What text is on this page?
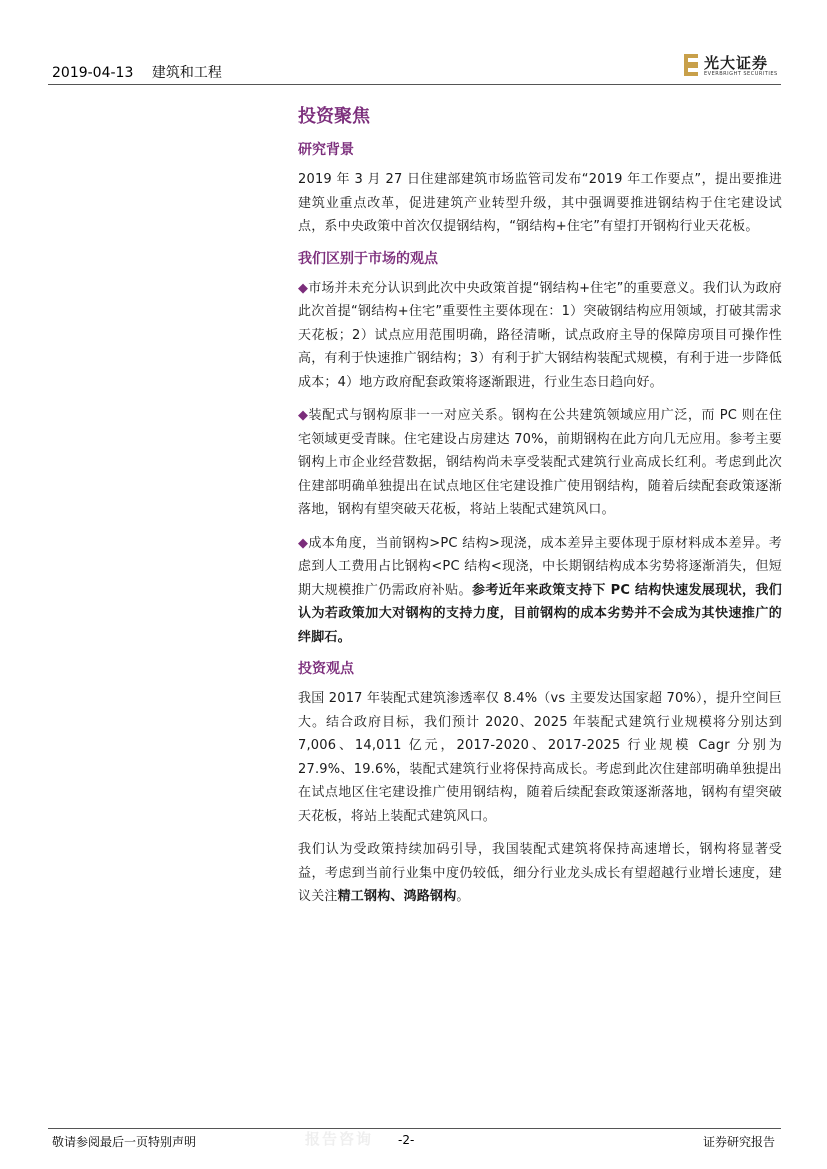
2019-04-13 建筑和工程
光大证券
EVERBRIGHT SECURITIES
投资聚焦
研究背景

2019 年 3 月 27 日住建部建筑市场监管司发布“2019 年工作要点”，提出要推进建筑业重点改革，促进建筑产业转型升级，其中强调要推进钢结构于住宅建设试点，系中央政策中首次仅提钢结构，“钢结构+住宅”有望打开钢构行业天花板。

我们区别于市场的观点

◆市场并未充分认识到此次中央政策首提“钢结构+住宅”的重要意义。我们认为政府此次首提“钢结构+住宅”重要性主要体现在：1）突破钢结构应用领域，打破其需求天花板；2）试点应用范围明确，路径清晰，试点政府主导的保障房项目可操作性高，有利于快速推广钢结构；3）有利于扩大钢结构装配式规模，有利于进一步降低成本；4）地方政府配套政策将逐渐跟进，行业生态日趋向好。

◆装配式与钢构原非一一对应关系。钢构在公共建筑领域应用广泛，而 PC 则在住宅领域更受青睐。住宅建设占房建达 70%，前期钢构在此方向几无应用。参考主要钢构上市企业经营数据，钢结构尚未享受装配式建筑行业高成长红利。考虑到此次住建部明确单独提出在试点地区住宅建设推广使用钢结构，随着后续配套政策逐渐落地，钢构有望突破天花板，将站上装配式建筑风口。

◆成本角度，当前钢构>PC 结构>现浇，成本差异主要体现于原材料成本差异。考虑到人工费用占比钢构<PC 结构<现浇，中长期钢结构成本劣势将逐渐消失，但短期大规模推广仍需政府补贴。参考近年来政策支持下 PC 结构快速发展现状，我们认为若政策加大对钢构的支持力度，目前钢构的成本劣势并不会成为其快速推广的绊脚石。

投资观点

我国 2017 年装配式建筑渗透率仅 8.4%（vs 主要发达国家超 70%），提升空间巨大。结合政府目标，我们预计 2020、2025 年装配式建筑行业规模将分别达到 7,006、14,011 亿元，2017-2020、2017-2025 行业规模 Cagr 分别为 27.9%、19.6%，装配式建筑行业将保持高成长。考虑到此次住建部明确单独提出在试点地区住宅建设推广使用钢结构，随着后续配套政策逐渐落地，钢构有望突破天花板，将站上装配式建筑风口。

我们认为受政策持续加码引导，我国装配式建筑将保持高速增长，钢构将显著受益，考虑到当前行业集中度仍较低，细分行业龙头成长有望超越行业增长速度，建议关注精工钢构、鸿路钢构。

敬请参阅最后一页特别声明	报告咨询 -2-	证券研究报告
